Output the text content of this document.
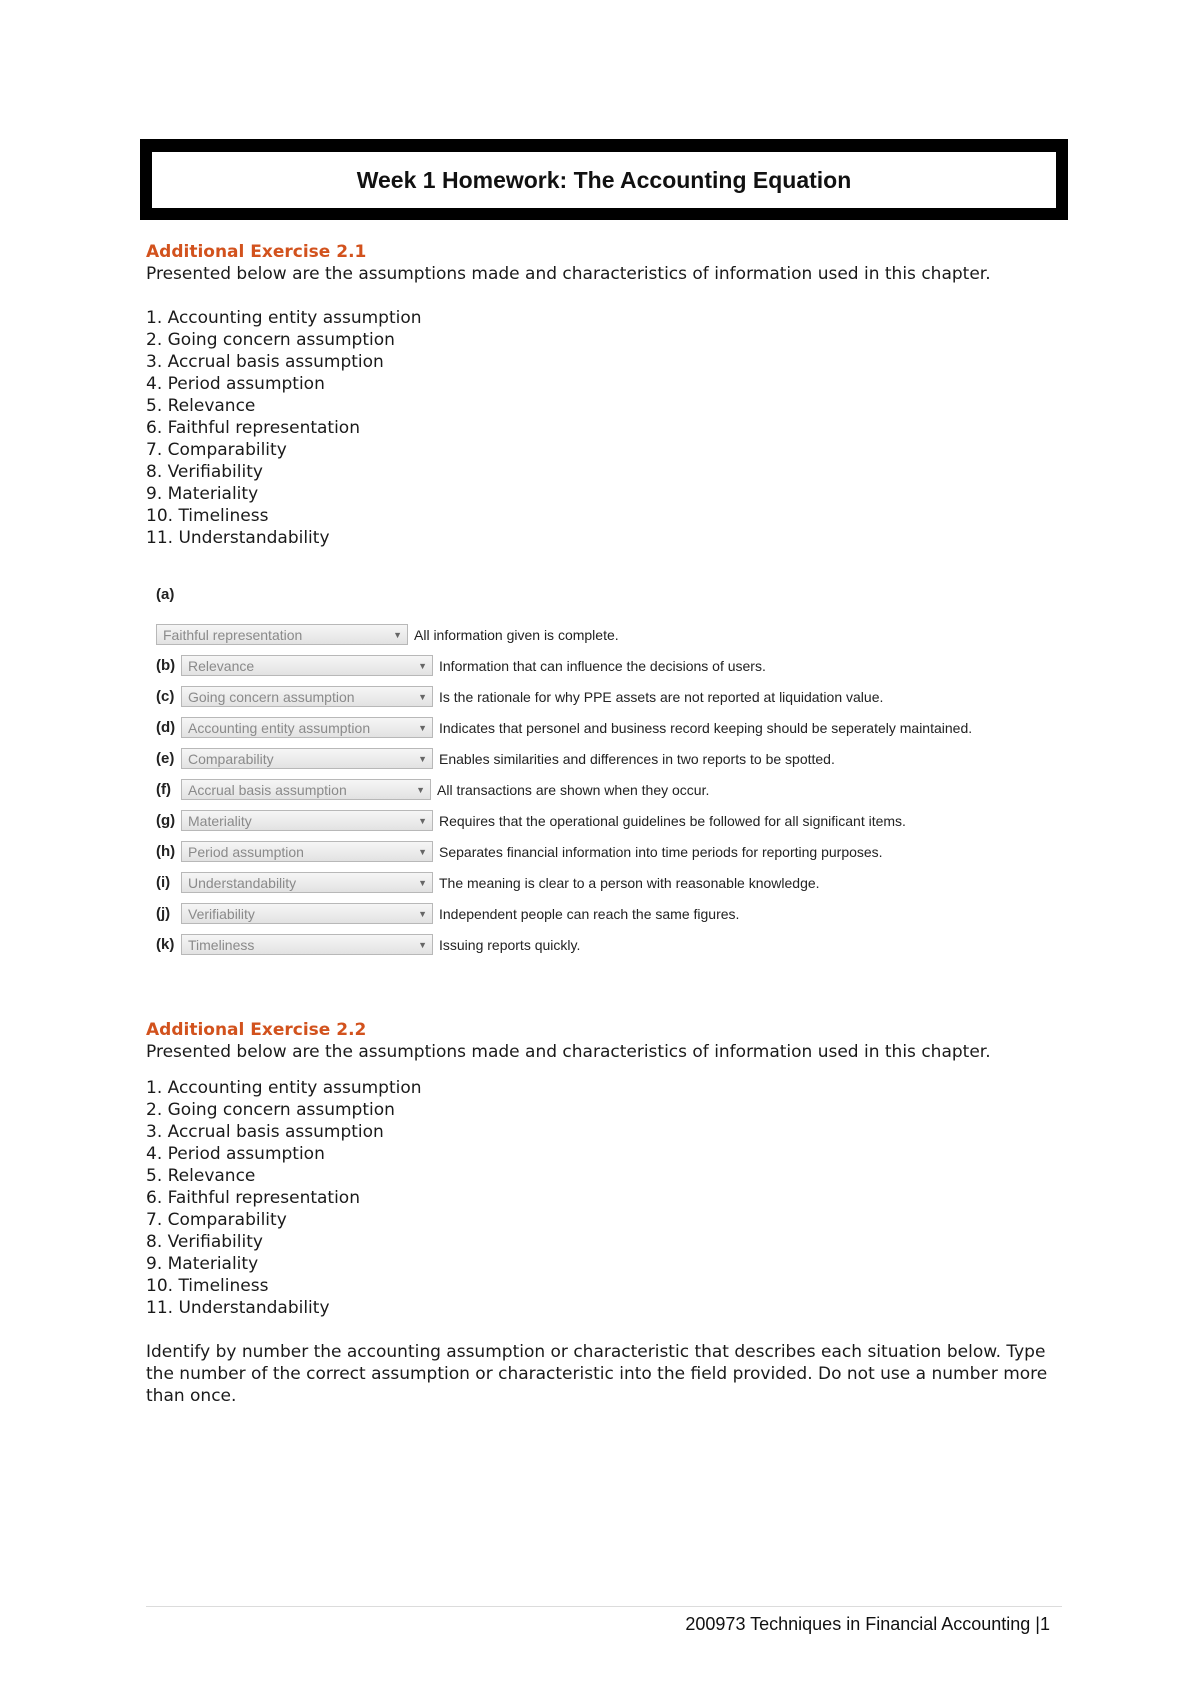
Week 1 Homework: The Accounting Equation
Additional Exercise 2.1
Presented below are the assumptions made and characteristics of information used in this chapter.
1. Accounting entity assumption
2. Going concern assumption
3. Accrual basis assumption
4. Period assumption
5. Relevance
6. Faithful representation
7. Comparability
8. Verifiability
9. Materiality
10. Timeliness
11. Understandability
(a)
Faithful representation	▼ All information given is complete.
(b) Relevance	▼ Information that can influence the decisions of users.
(c) Going concern assumption	▼ Is the rationale for why PPE assets are not reported at liquidation value.
(d) Accounting entity assumption	▼ Indicates that personel and business record keeping should be seperately maintained.
(e) Comparability	▼ Enables similarities and differences in two reports to be spotted.
(f)	Accrual basis assumption	▼ All transactions are shown when they occur.
(g) Materiality	▼ Requires that the operational guidelines be followed for all significant items.
(h) Period assumption	▼ Separates financial information into time periods for reporting purposes.
(i)	Understandability	▼ The meaning is clear to a person with reasonable knowledge.
(j)	Verifiability	▼ Independent people can reach the same figures.
(k) Timeliness	▼ Issuing reports quickly.
Additional Exercise 2.2
Presented below are the assumptions made and characteristics of information used in this chapter.
1. Accounting entity assumption
2. Going concern assumption
3. Accrual basis assumption
4. Period assumption
5. Relevance
6. Faithful representation
7. Comparability
8. Verifiability
9. Materiality
10. Timeliness
11. Understandability
Identify by number the accounting assumption or characteristic that describes each situation below. Type the number of the correct assumption or characteristic into the field provided. Do not use a number more than once.
200973 Techniques in Financial Accounting |1
